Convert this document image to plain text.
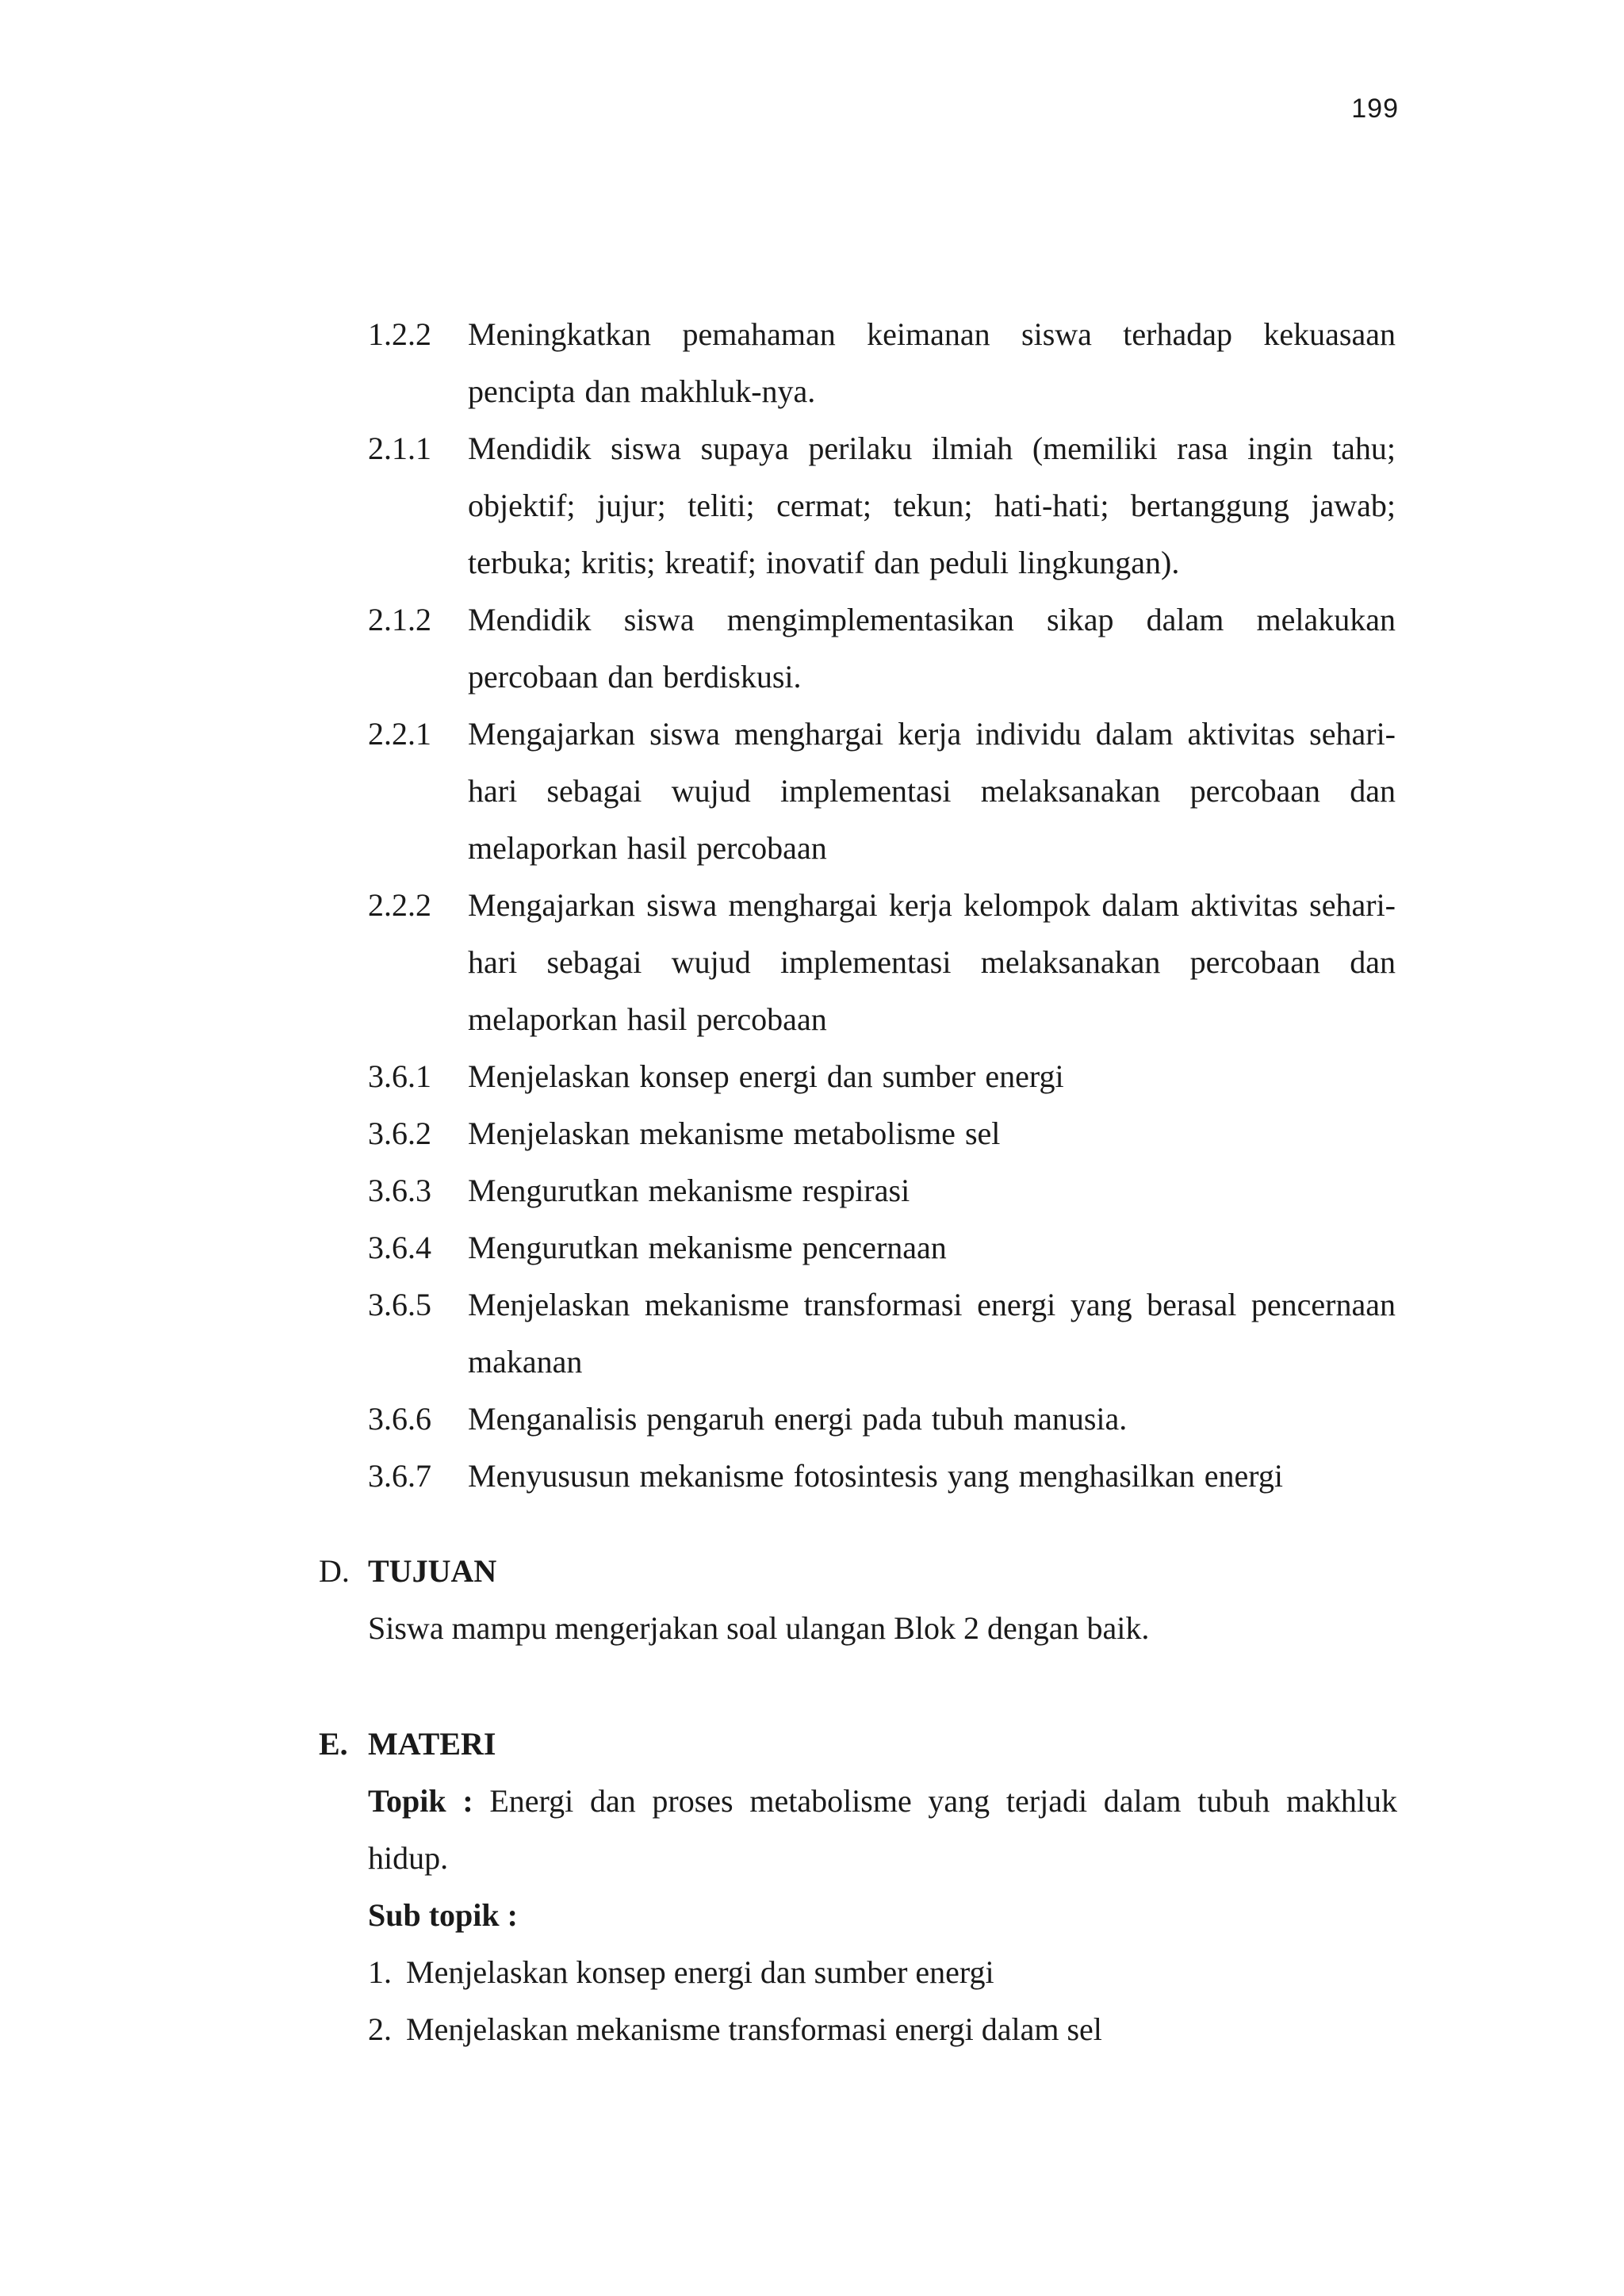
199
1.2.2	Meningkatkan pemahaman keimanan siswa terhadap kekuasaan pencipta dan makhluk-nya.
2.1.1	Mendidik siswa supaya perilaku ilmiah (memiliki rasa ingin tahu; objektif; jujur; teliti; cermat; tekun; hati-hati; bertanggung jawab; terbuka; kritis; kreatif; inovatif dan peduli lingkungan).
2.1.2	Mendidik siswa mengimplementasikan sikap dalam melakukan percobaan dan berdiskusi.
2.2.1	Mengajarkan siswa menghargai kerja individu dalam aktivitas sehari-hari sebagai wujud implementasi melaksanakan percobaan dan melaporkan hasil percobaan
2.2.2	Mengajarkan siswa menghargai kerja kelompok dalam aktivitas sehari-hari sebagai wujud implementasi melaksanakan percobaan dan melaporkan hasil percobaan
3.6.1	Menjelaskan konsep energi dan sumber energi
3.6.2	Menjelaskan mekanisme metabolisme sel
3.6.3	Mengurutkan mekanisme respirasi
3.6.4	Mengurutkan mekanisme pencernaan
3.6.5	Menjelaskan mekanisme transformasi energi yang berasal pencernaan makanan
3.6.6	Menganalisis pengaruh energi pada tubuh manusia.
3.6.7	Menyususun mekanisme fotosintesis yang menghasilkan energi
D. TUJUAN
Siswa mampu mengerjakan soal ulangan Blok 2 dengan baik.
E. MATERI
Topik : Energi dan proses metabolisme yang terjadi dalam tubuh makhluk hidup.
Sub topik :
1. Menjelaskan konsep energi dan sumber energi
2. Menjelaskan mekanisme transformasi energi dalam sel
